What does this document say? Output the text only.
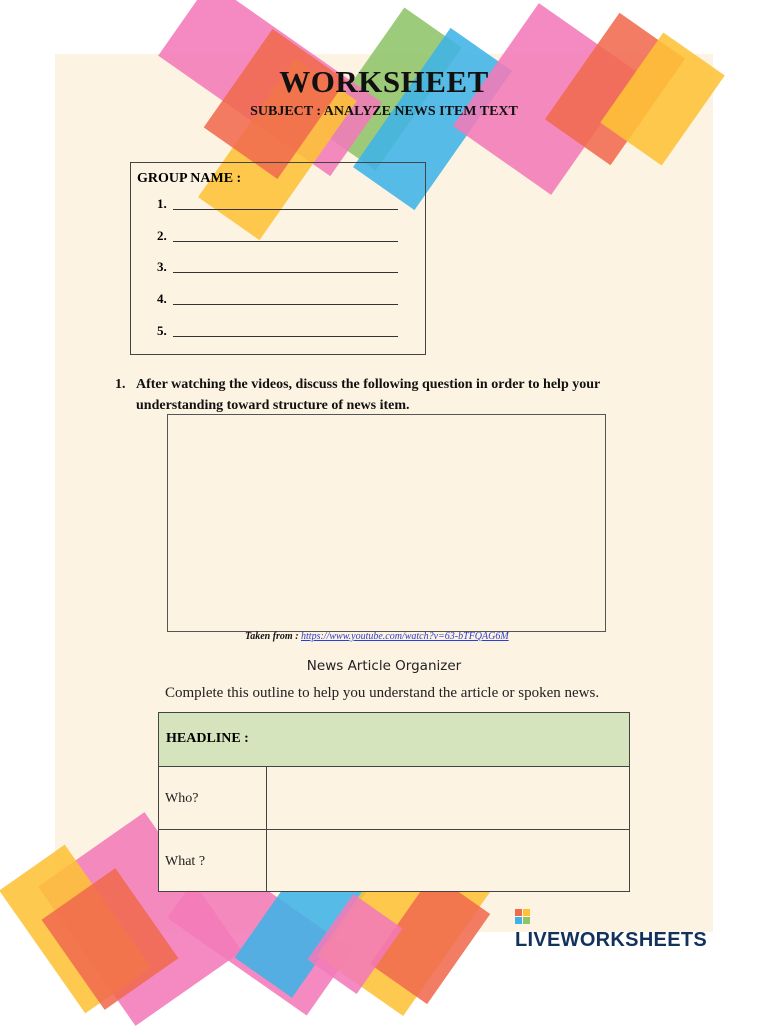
WORKSHEET
SUBJECT : ANALYZE NEWS ITEM TEXT
GROUP NAME :
1.
2.
3.
4.
5.
1. After watching the videos, discuss the following question in order to help your understanding toward structure of news item.
Taken from : https://www.youtube.com/watch?v=63-bTFQAG6M
News Article Organizer
Complete this outline to help you understand the article or spoken news.
HEADLINE :
Who?
What ?
LIVEWORKSHEETS
